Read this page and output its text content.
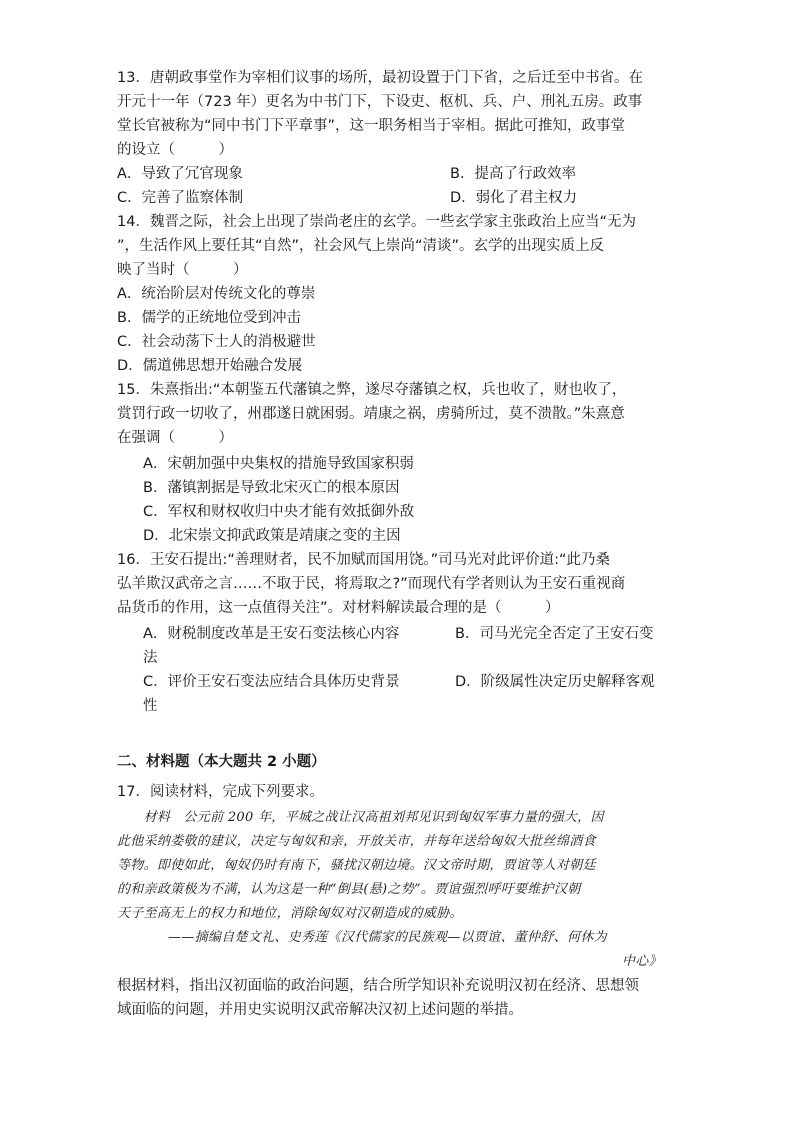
13．唐朝政事堂作为宰相们议事的场所，最初设置于门下省，之后迁至中书省。在
开元十一年（723 年）更名为中书门下，下设吏、枢机、兵、户、刑礼五房。政事
堂长官被称为“同中书门下平章事”，这一职务相当于宰相。据此可推知，政事堂
的设立（　　　）
A．导致了冗官现象	B．提高了行政效率
C．完善了监察体制	D．弱化了君主权力
14．魏晋之际，社会上出现了崇尚老庄的玄学。一些玄学家主张政治上应当“无为
”，生活作风上要任其“自然”，社会风气上崇尚“清谈”。玄学的出现实质上反
映了当时（　　　）
A．统治阶层对传统文化的尊崇
B．儒学的正统地位受到冲击
C．社会动荡下士人的消极避世
D．儒道佛思想开始融合发展
15．朱熹指出:“本朝鉴五代藩镇之弊，遂尽夺藩镇之权，兵也收了，财也收了，
赏罚行政一切收了，州郡遂日就困弱。靖康之祸，虏骑所过，莫不溃散。”朱熹意
在强调（　　　）
A．宋朝加强中央集权的措施导致国家积弱
B．藩镇割据是导致北宋灭亡的根本原因
C．军权和财权收归中央才能有效抵御外敌
D．北宋崇文抑武政策是靖康之变的主因
16．王安石提出:“善理财者，民不加赋而国用饶。”司马光对此评价道:“此乃桑
弘羊欺汉武帝之言……不取于民，将焉取之?”而现代有学者则认为王安石重视商
品货币的作用，这一点值得关注”。对材料解读最合理的是（　　　）
A．财税制度改革是王安石变法核心内容	B．司马光完全否定了王安石变
法
C．评价王安石变法应结合具体历史背景	D．阶级属性决定历史解释客观
性
二、材料题（本大题共 2 小题）
17．阅读材料，完成下列要求。
　　材料　公元前 200 年，平城之战让汉高祖刘邦见识到匈奴军事力量的强大，因
此他采纳娄敬的建议，决定与匈奴和亲，开放关市，并每年送给匈奴大批丝绵酒食
等物。即使如此，匈奴仍时有南下，骚扰汉朝边境。汉文帝时期，贾谊等人对朝廷
的和亲政策极为不满，认为这是一种“倒县(悬)之势”。贾谊强烈呼吁要维护汉朝
天子至高无上的权力和地位，消除匈奴对汉朝造成的威胁。
——摘编自楚文礼、史秀莲《汉代儒家的民族观—以贾谊、董仲舒、何休为
中心》
根据材料，指出汉初面临的政治问题，结合所学知识补充说明汉初在经济、思想领
域面临的问题，并用史实说明汉武帝解决汉初上述问题的举措。
